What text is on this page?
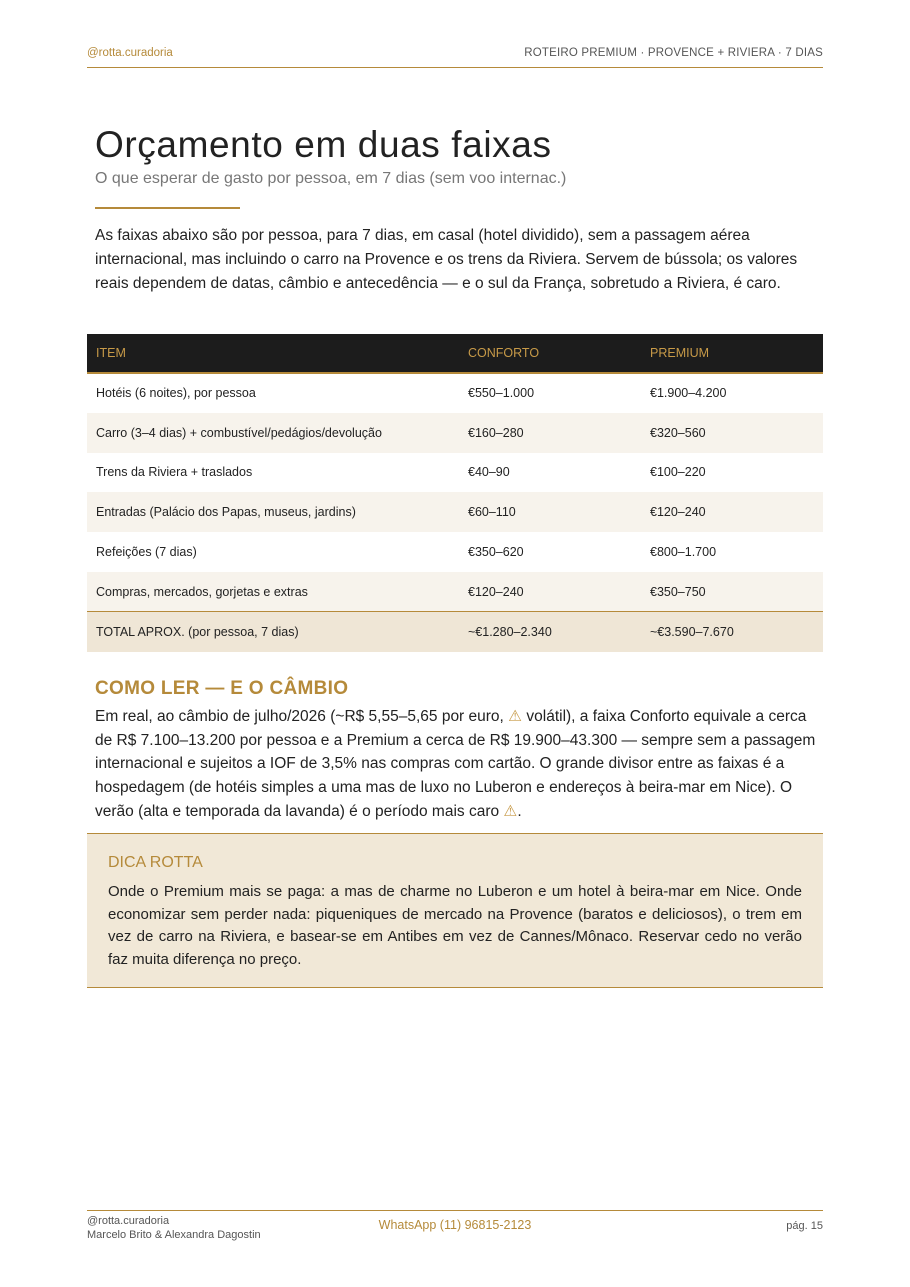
@rotta.curadoria	ROTEIRO PREMIUM · PROVENCE + RIVIERA · 7 DIAS
Orçamento em duas faixas
O que esperar de gasto por pessoa, em 7 dias (sem voo internac.)

As faixas abaixo são por pessoa, para 7 dias, em casal (hotel dividido), sem a passagem aérea internacional, mas incluindo o carro na Provence e os trens da Riviera. Servem de bússola; os valores reais dependem de datas, câmbio e antecedência — e o sul da França, sobretudo a Riviera, é caro.

ITEM	CONFORTO	PREMIUM
Hotéis (6 noites), por pessoa	€550–1.000	€1.900–4.200
Carro (3–4 dias) + combustível/pedágios/devolução	€160–280	€320–560
Trens da Riviera + traslados	€40–90	€100–220
Entradas (Palácio dos Papas, museus, jardins)	€60–110	€120–240
Refeições (7 dias)	€350–620	€800–1.700
Compras, mercados, gorjetas e extras	€120–240	€350–750
TOTAL APROX. (por pessoa, 7 dias)	~€1.280–2.340	~€3.590–7.670
COMO LER — E O CÂMBIO

Em real, ao câmbio de julho/2026 (~R$ 5,55–5,65 por euro, ⚠ volátil), a faixa Conforto equivale a cerca de R$ 7.100–13.200 por pessoa e a Premium a cerca de R$ 19.900–43.300 — sempre sem a passagem internacional e sujeitos a IOF de 3,5% nas compras com cartão. O grande divisor entre as faixas é a hospedagem (de hotéis simples a uma mas de luxo no Luberon e endereços à beira-mar em Nice). O verão (alta e temporada da lavanda) é o período mais caro ⚠.

DICA ROTTA

Onde o Premium mais se paga: a mas de charme no Luberon e um hotel à beira-mar em Nice. Onde economizar sem perder nada: piqueniques de mercado na Provence (baratos e deliciosos), o trem em vez de carro na Riviera, e basear-se em Antibes em vez de Cannes/Mônaco. Reservar cedo no verão faz muita diferença no preço.

@rotta.curadoria
Marcelo Brito & Alexandra Dagostin
WhatsApp (11) 96815-2123	pág. 15
